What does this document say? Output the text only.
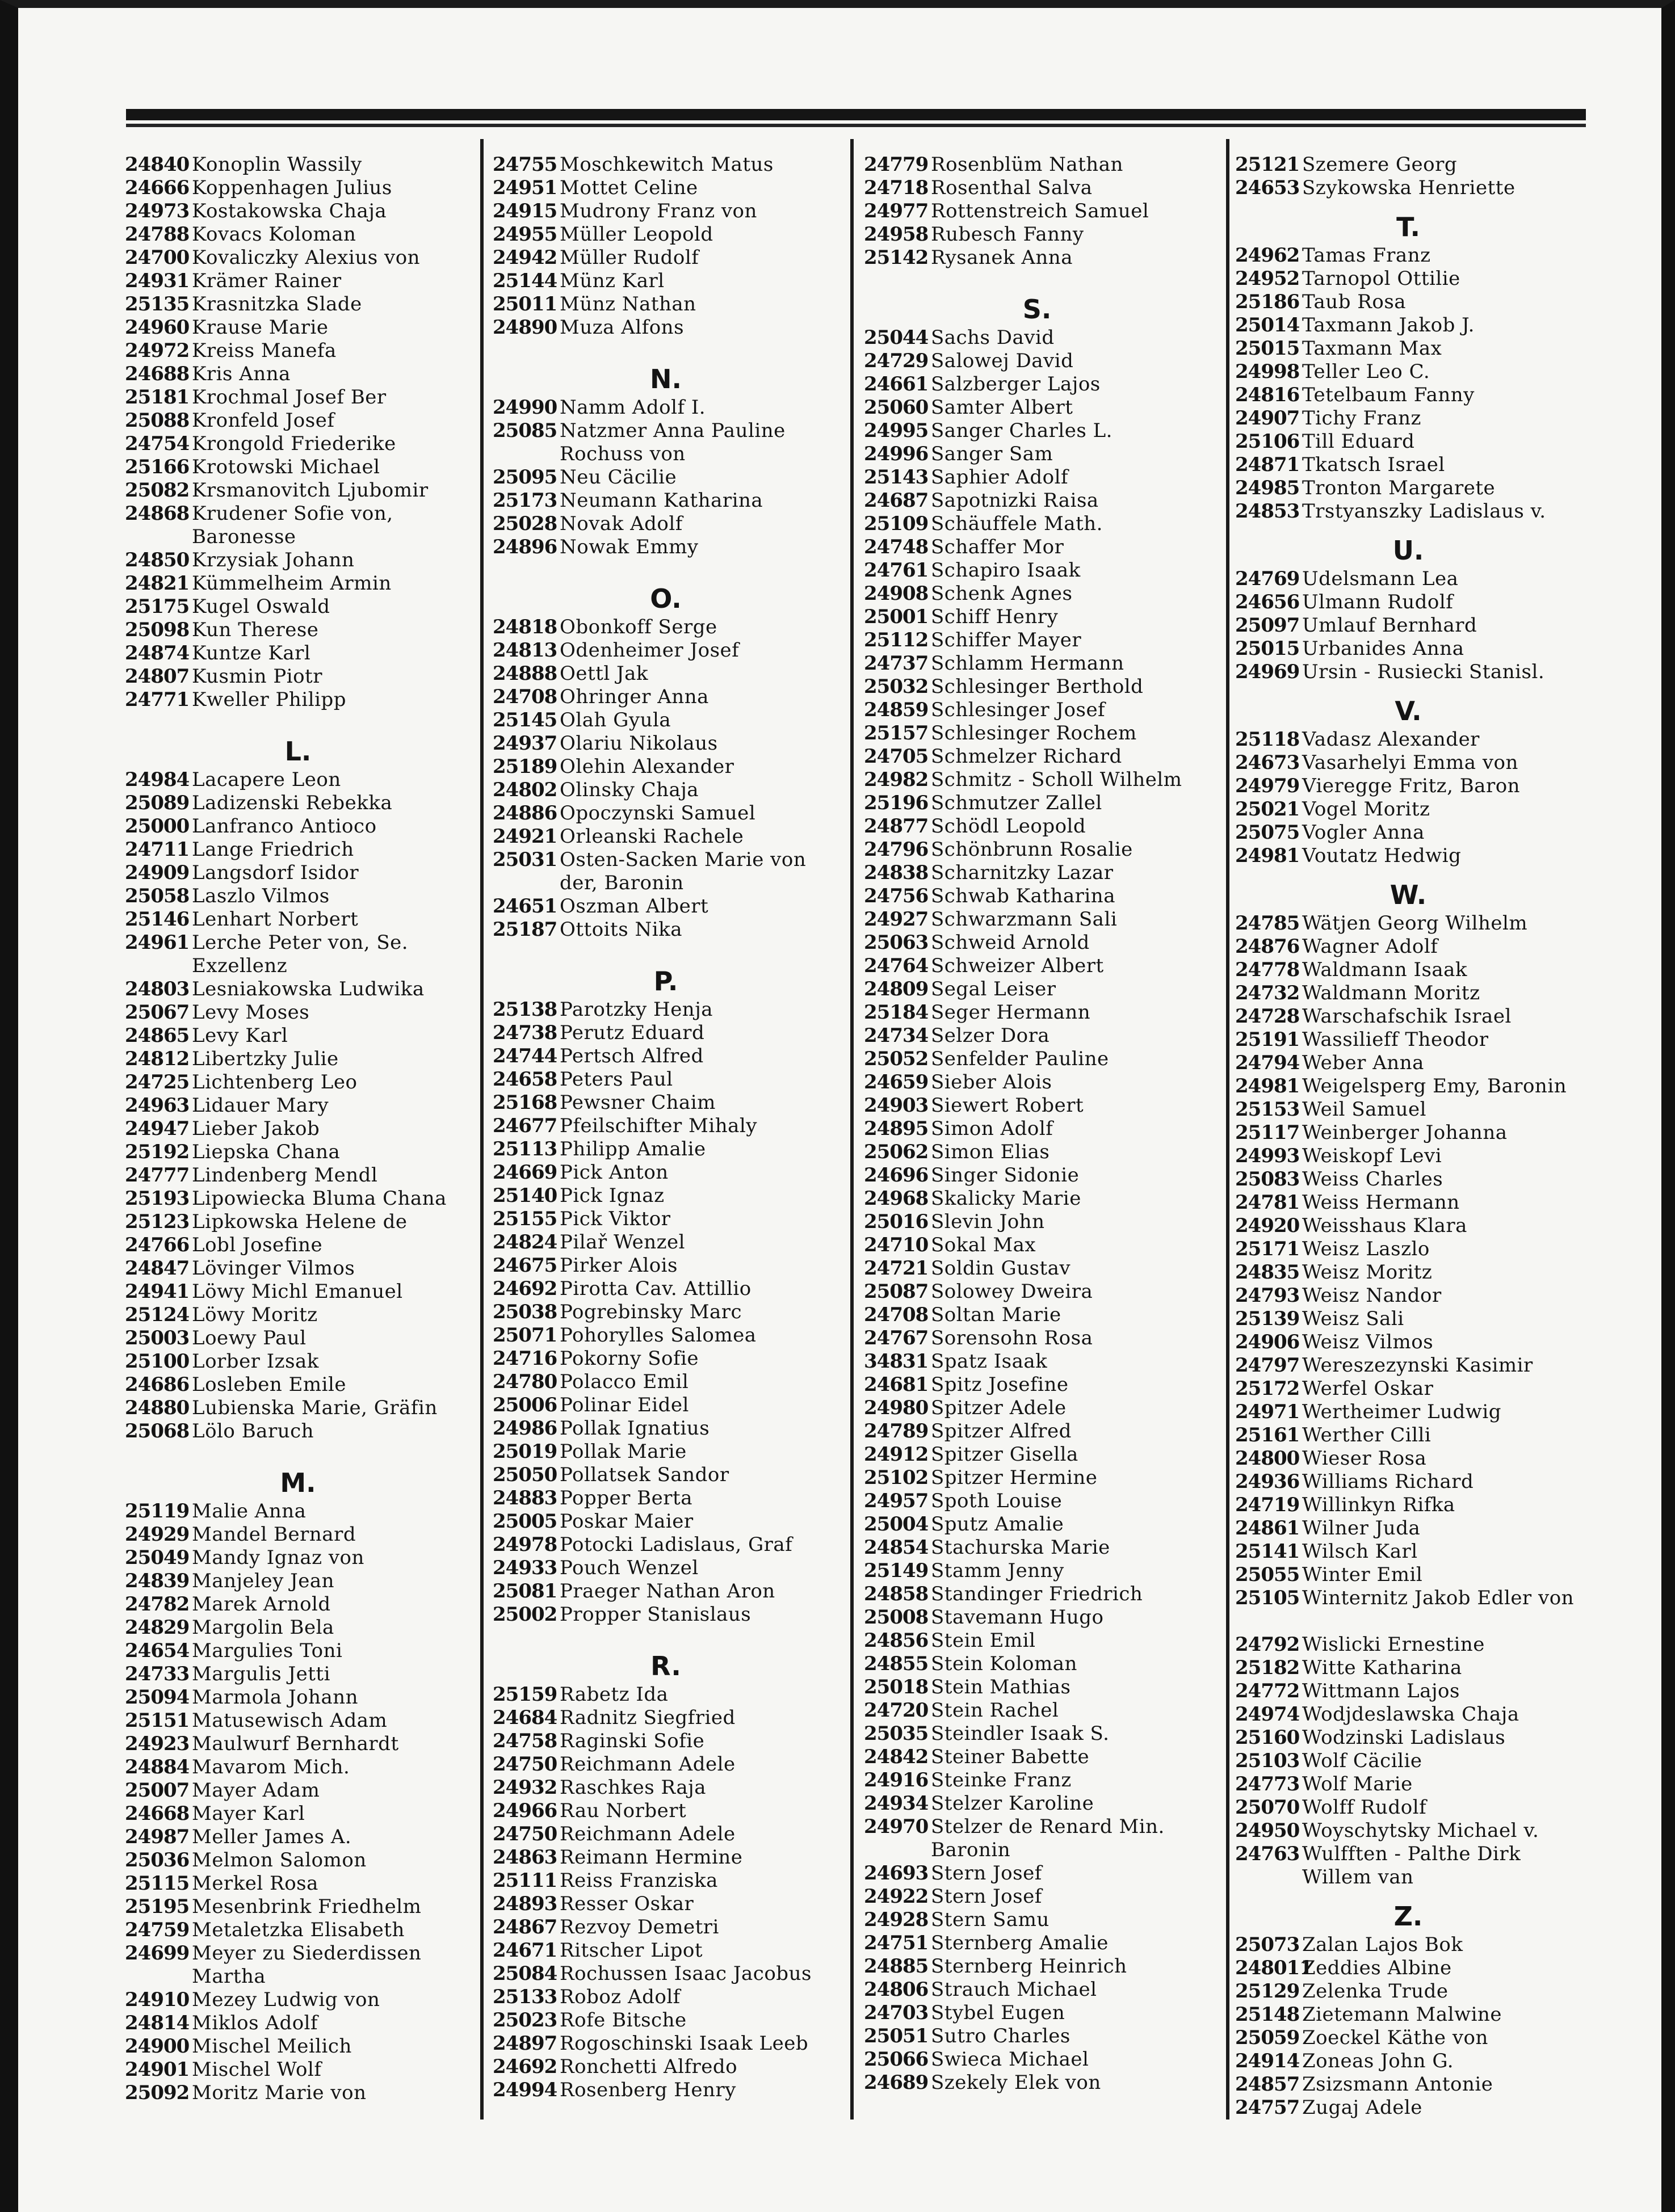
24840 Konoplin Wassily
24666 Koppenhagen Julius
24973 Kostakowska Chaja
24788 Kovacs Koloman
24700 Kovaliczky Alexius von
24931 Krämer Rainer
25135 Krasnitzka Slade
24960 Krause Marie
24972 Kreiss Manefa
24688 Kris Anna
25181 Krochmal Josef Ber
25088 Kronfeld Josef
24754 Krongold Friederike
25166 Krotowski Michael
25082 Krsmanovitch Ljubomir
24868 Krudener Sofie von, Baronesse
24850 Krzysiak Johann
24821 Kümmelheim Armin
25175 Kugel Oswald
25098 Kun Therese
24874 Kuntze Karl
24807 Kusmin Piotr
24771 Kweller Philipp
L.
24984 Lacapere Leon
25089 Ladizenski Rebekka
25000 Lanfranco Antioco
24711 Lange Friedrich
24909 Langsdorf Isidor
25058 Laszlo Vilmos
25146 Lenhart Norbert
24961 Lerche Peter von, Se. Exzellenz
24803 Lesniakowska Ludwika
25067 Levy Moses
24865 Levy Karl
24812 Libertzky Julie
24725 Lichtenberg Leo
24963 Lidauer Mary
24947 Lieber Jakob
25192 Liepska Chana
24777 Lindenberg Mendl
25193 Lipowiecka Bluma Chana
25123 Lipkowska Helene de
24766 Lobl Josefine
24847 Lövinger Vilmos
24941 Löwy Michl Emanuel
25124 Löwy Moritz
25003 Loewy Paul
25100 Lorber Izsak
24686 Losleben Emile
24880 Lubienska Marie, Gräfin
25068 Lölo Baruch
M.
25119 Malie Anna
24929 Mandel Bernard
25049 Mandy Ignaz von
24839 Manjeley Jean
24782 Marek Arnold
24829 Margolin Bela
24654 Margulies Toni
24733 Margulis Jetti
25094 Marmola Johann
25151 Matusewisch Adam
24923 Maulwurf Bernhardt
24884 Mavarom Mich.
25007 Mayer Adam
24668 Mayer Karl
24987 Meller James A.
25036 Melmon Salomon
25115 Merkel Rosa
25195 Mesenbrink Friedhelm
24759 Metaletzka Elisabeth
24699 Meyer zu Siederdissen Martha
24910 Mezey Ludwig von
24814 Miklos Adolf
24900 Mischel Meilich
24901 Mischel Wolf
25092 Moritz Marie von
24755 Moschkewitch Matus
24951 Mottet Celine
24915 Mudrony Franz von
24955 Müller Leopold
24942 Müller Rudolf
25144 Münz Karl
25011 Münz Nathan
24890 Muza Alfons
N.
24990 Namm Adolf I.
25085 Natzmer Anna Pauline Rochuss von
25095 Neu Cäcilie
25173 Neumann Katharina
25028 Novak Adolf
24896 Nowak Emmy
O.
24818 Obonkoff Serge
24813 Odenheimer Josef
24888 Oettl Jak
24708 Ohringer Anna
25145 Olah Gyula
24937 Olariu Nikolaus
25189 Olehin Alexander
24802 Olinsky Chaja
24886 Opoczynski Samuel
24921 Orleanski Rachele
25031 Osten-Sacken Marie von der, Baronin
24651 Oszman Albert
25187 Ottoits Nika
P.
25138 Parotzky Henja
24738 Perutz Eduard
24744 Pertsch Alfred
24658 Peters Paul
25168 Pewsner Chaim
24677 Pfeilschifter Mihaly
25113 Philipp Amalie
24669 Pick Anton
25140 Pick Ignaz
25155 Pick Viktor
24824 Pilař Wenzel
24675 Pirker Alois
24692 Pirotta Cav. Attillio
25038 Pogrebinsky Marc
25071 Pohorylles Salomea
24716 Pokorny Sofie
24780 Polacco Emil
25006 Polinar Eidel
24986 Pollak Ignatius
25019 Pollak Marie
25050 Pollatsek Sandor
24883 Popper Berta
25005 Poskar Maier
24978 Potocki Ladislaus, Graf
24933 Pouch Wenzel
25081 Praeger Nathan Aron
25002 Propper Stanislaus
R.
25159 Rabetz Ida
24684 Radnitz Siegfried
24758 Raginski Sofie
24750 Reichmann Adele
24932 Raschkes Raja
24966 Rau Norbert
24750 Reichmann Adele
24863 Reimann Hermine
25111 Reiss Franziska
24893 Resser Oskar
24867 Rezvoy Demetri
24671 Ritscher Lipot
25084 Rochussen Isaac Jacobus
25133 Roboz Adolf
25023 Rofe Bitsche
24897 Rogoschinski Isaak Leeb
24692 Ronchetti Alfredo
24994 Rosenberg Henry
24779 Rosenblüm Nathan
24718 Rosenthal Salva
24977 Rottenstreich Samuel
24958 Rubesch Fanny
25142 Rysanek Anna
S.
25044 Sachs David
24729 Salowej David
24661 Salzberger Lajos
25060 Samter Albert
24995 Sanger Charles L.
24996 Sanger Sam
25143 Saphier Adolf
24687 Sapotnizki Raisa
25109 Schäuffele Math.
24748 Schaffer Mor
24761 Schapiro Isaak
24908 Schenk Agnes
25001 Schiff Henry
25112 Schiffer Mayer
24737 Schlamm Hermann
25032 Schlesinger Berthold
24859 Schlesinger Josef
25157 Schlesinger Rochem
24705 Schmelzer Richard
24982 Schmitz - Scholl Wilhelm
25196 Schmutzer Zallel
24877 Schödl Leopold
24796 Schönbrunn Rosalie
24838 Scharnitzky Lazar
24756 Schwab Katharina
24927 Schwarzmann Sali
25063 Schweid Arnold
24764 Schweizer Albert
24809 Segal Leiser
25184 Seger Hermann
24734 Selzer Dora
25052 Senfelder Pauline
24659 Sieber Alois
24903 Siewert Robert
24895 Simon Adolf
25062 Simon Elias
24696 Singer Sidonie
24968 Skalicky Marie
25016 Slevin John
24710 Sokal Max
24721 Soldin Gustav
25087 Solowey Dweira
24708 Soltan Marie
24767 Sorensohn Rosa
34831 Spatz Isaak
24681 Spitz Josefine
24980 Spitzer Adele
24789 Spitzer Alfred
24912 Spitzer Gisella
25102 Spitzer Hermine
24957 Spoth Louise
25004 Sputz Amalie
24854 Stachurska Marie
25149 Stamm Jenny
24858 Standinger Friedrich
25008 Stavemann Hugo
24856 Stein Emil
24855 Stein Koloman
25018 Stein Mathias
24720 Stein Rachel
25035 Steindler Isaak S.
24842 Steiner Babette
24916 Steinke Franz
24934 Stelzer Karoline
24970 Stelzer de Renard Min. Baronin
24693 Stern Josef
24922 Stern Josef
24928 Stern Samu
24751 Sternberg Amalie
24885 Sternberg Heinrich
24806 Strauch Michael
24703 Stybel Eugen
25051 Sutro Charles
25066 Swieca Michael
24689 Szekely Elek von
25121 Szemere Georg
24653 Szykowska Henriette
T.
24962 Tamas Franz
24952 Tarnopol Ottilie
25186 Taub Rosa
25014 Taxmann Jakob J.
25015 Taxmann Max
24998 Teller Leo C.
24816 Tetelbaum Fanny
24907 Tichy Franz
25106 Till Eduard
24871 Tkatsch Israel
24985 Tronton Margarete
24853 Trstyanszky Ladislaus v.
U.
24769 Udelsmann Lea
24656 Ulmann Rudolf
25097 Umlauf Bernhard
25015 Urbanides Anna
24969 Ursin - Rusiecki Stanisl.
V.
25118 Vadasz Alexander
24673 Vasarhelyi Emma von
24979 Vieregge Fritz, Baron
25021 Vogel Moritz
25075 Vogler Anna
24981 Voutatz Hedwig
W.
24785 Wätjen Georg Wilhelm
24876 Wagner Adolf
24778 Waldmann Isaak
24732 Waldmann Moritz
24728 Warschafschik Israel
25191 Wassilieff Theodor
24794 Weber Anna
24981 Weigelsperg Emy, Baronin
25153 Weil Samuel
25117 Weinberger Johanna
24993 Weiskopf Levi
25083 Weiss Charles
24781 Weiss Hermann
24920 Weisshaus Klara
25171 Weisz Laszlo
24835 Weisz Moritz
24793 Weisz Nandor
25139 Weisz Sali
24906 Weisz Vilmos
24797 Wereszezynski Kasimir
25172 Werfel Oskar
24971 Wertheimer Ludwig
25161 Werther Cilli
24800 Wieser Rosa
24936 Williams Richard
24719 Willinkyn Rifka
24861 Wilner Juda
25141 Wilsch Karl
25055 Winter Emil
25105 Winternitz Jakob Edler von
24792 Wislicki Ernestine
25182 Witte Katharina
24772 Wittmann Lajos
24974 Wodjdeslawska Chaja
25160 Wodzinski Ladislaus
25103 Wolf Cäcilie
24773 Wolf Marie
25070 Wolff Rudolf
24950 Woyschytsky Michael v.
24763 Wulfften - Palthe Dirk Willem van
Z.
25073 Zalan Lajos Bok
248011
Zeddies Albine
25129 Zelenka Trude
25148 Zietemann Malwine
25059 Zoeckel Käthe von
24914 Zoneas John G.
24857 Zsizsmann Antonie
24757 Zugaj Adele
